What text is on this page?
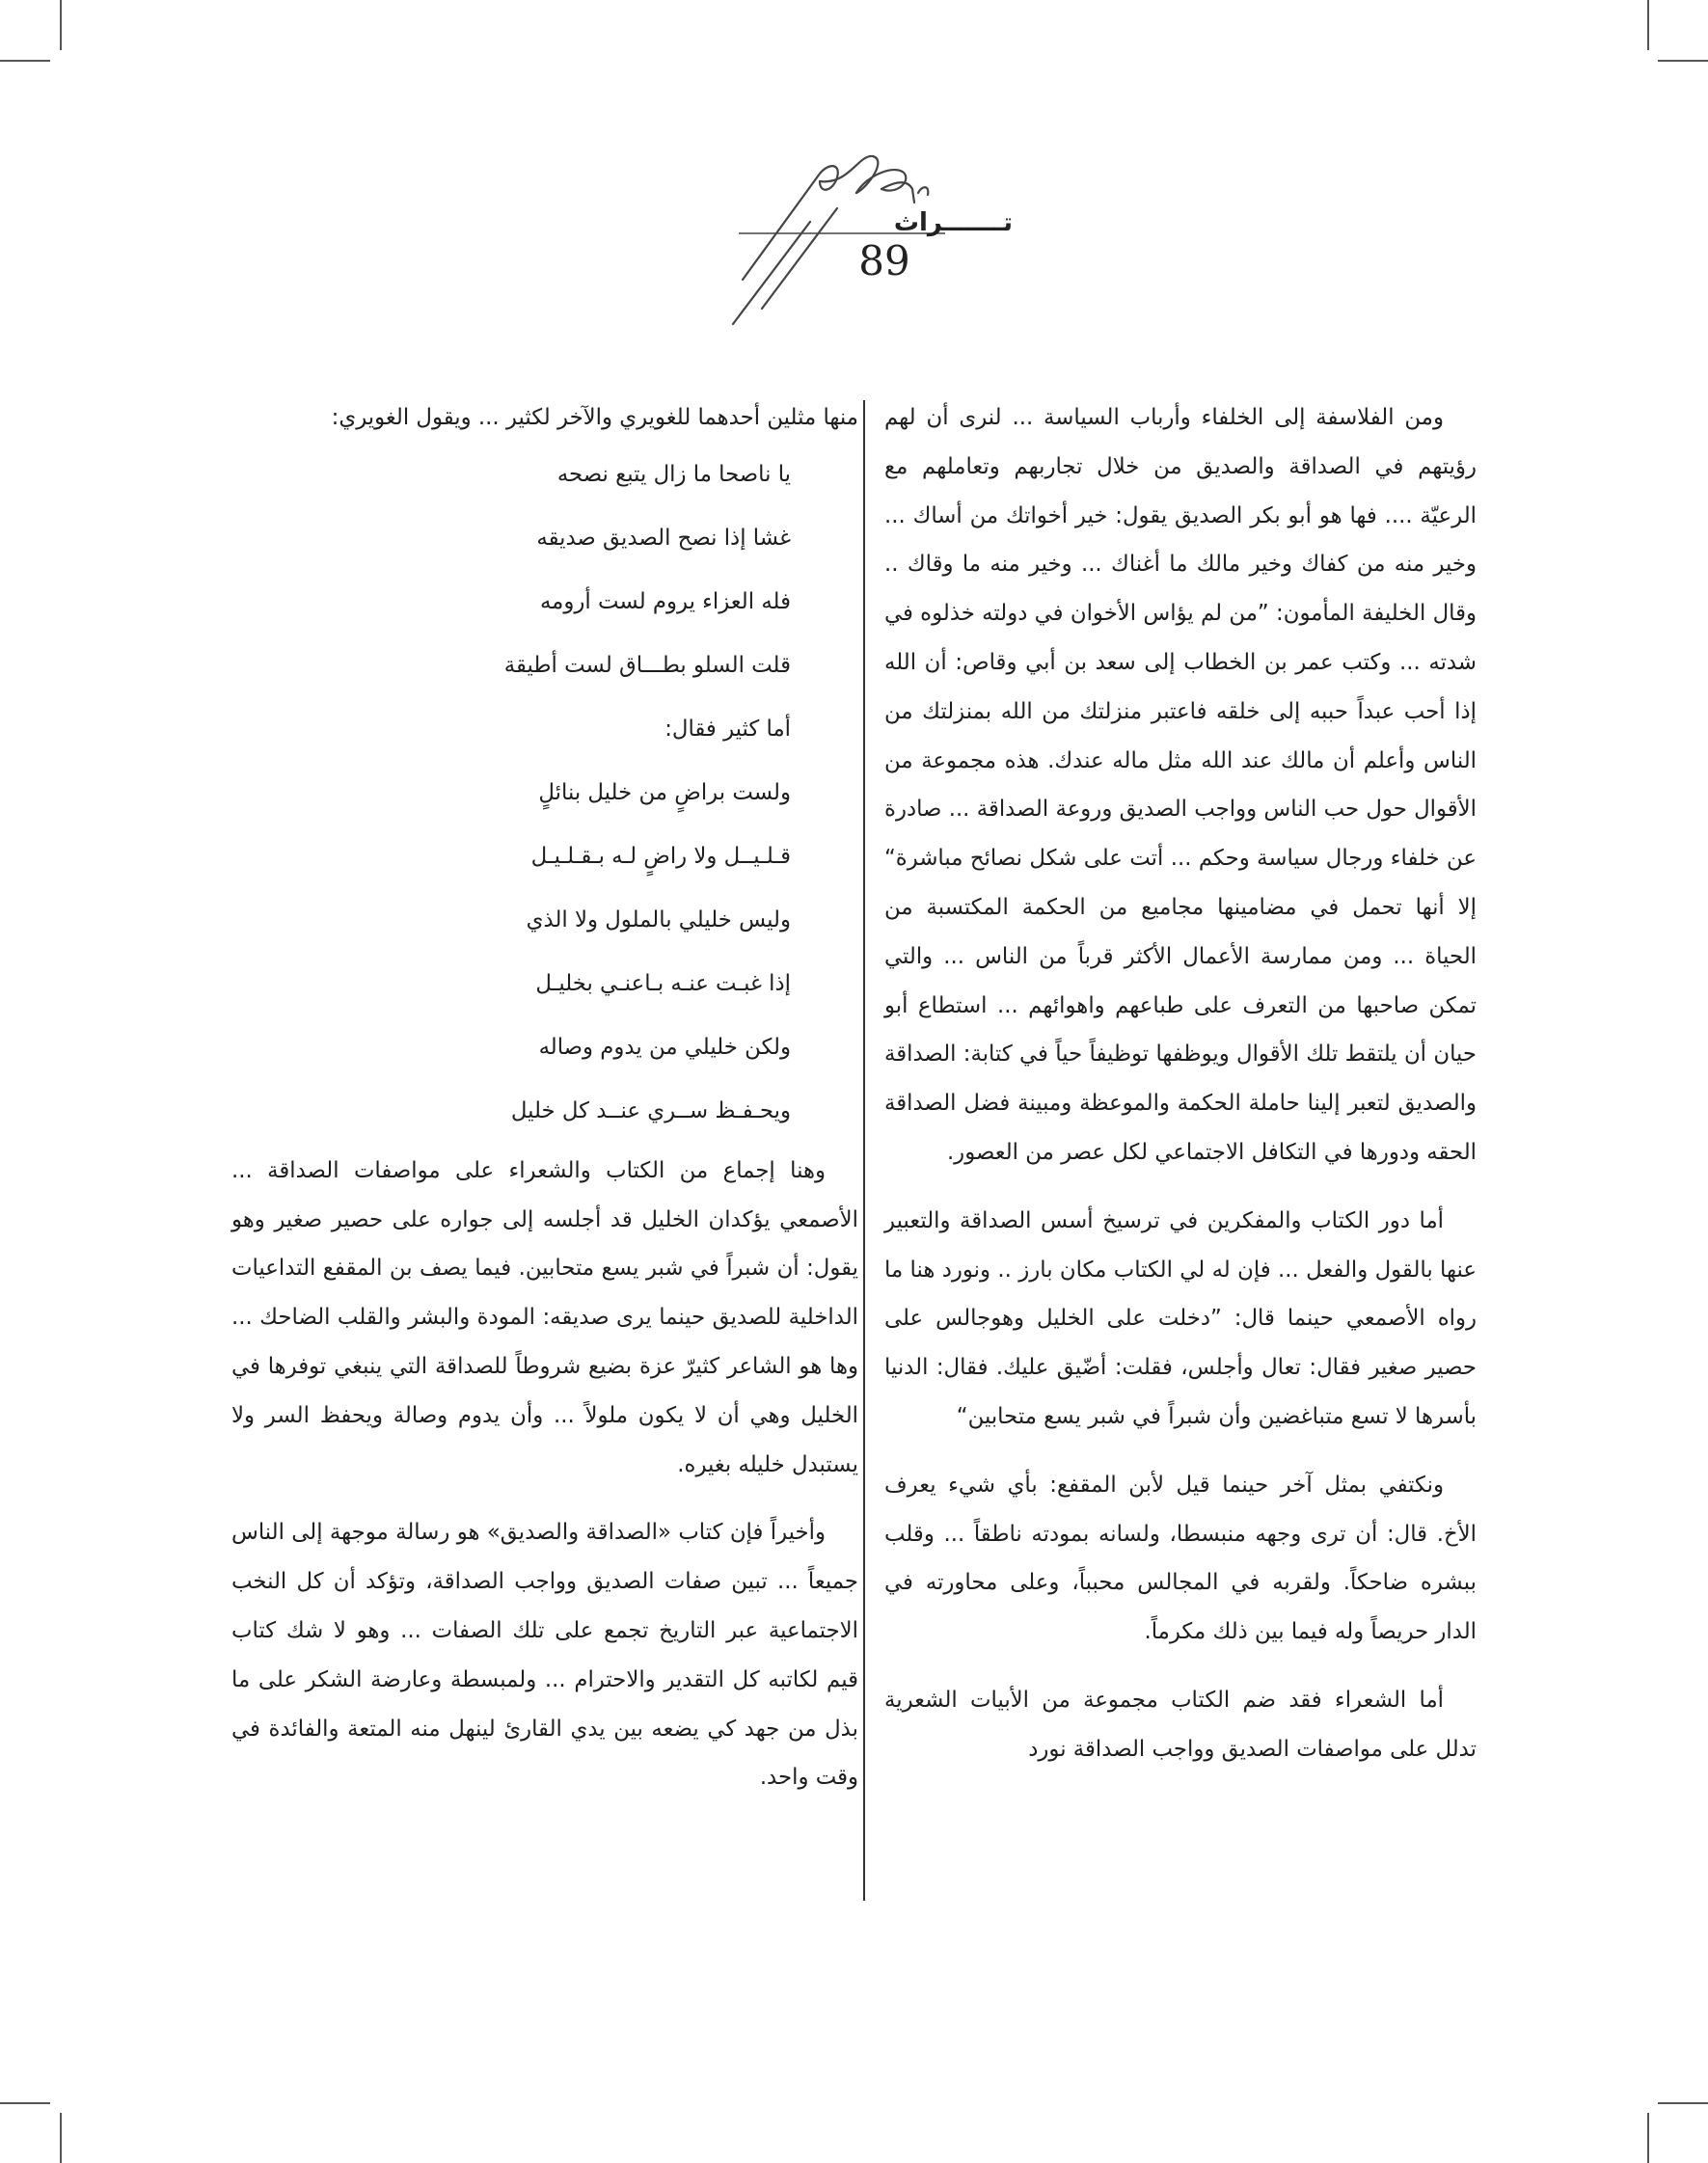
تـــــــراث
89

ومن الفلاسفة إلى الخلفاء وأرباب السياسة ... لنرى أن لهم رؤيتهم في الصداقة والصديق من خلال تجاربهم وتعاملهم مع الرعيّة .... فها هو أبو بكر الصديق يقول: خير أخواتك من أساك ... وخير منه من كفاك وخير مالك ما أغناك ... وخير منه ما وقاك .. وقال الخليفة المأمون: ”من لم يؤاس الأخوان في دولته خذلوه في شدته ... وكتب عمر بن الخطاب إلى سعد بن أبي وقاص: أن الله إذا أحب عبداً حببه إلى خلقه فاعتبر منزلتك من الله بمنزلتك من الناس وأعلم أن مالك عند الله مثل ماله عندك. هذه مجموعة من الأقوال حول حب الناس وواجب الصديق وروعة الصداقة ... صادرة عن خلفاء ورجال سياسة وحكم ... أتت على شكل نصائح مباشرة“ إلا أنها تحمل في مضامينها مجاميع من الحكمة المكتسبة من الحياة ... ومن ممارسة الأعمال الأكثر قرباً من الناس ... والتي تمكن صاحبها من التعرف على طباعهم واهوائهم ... استطاع أبو حيان أن يلتقط تلك الأقوال ويوظفها توظيفاً حياً في كتابة: الصداقة والصديق لتعبر إلينا حاملة الحكمة والموعظة ومبينة فضل الصداقة الحقه ودورها في التكافل الاجتماعي لكل عصر من العصور.

أما دور الكتاب والمفكرين في ترسيخ أسس الصداقة والتعبير عنها بالقول والفعل ... فإن له لي الكتاب مكان بارز .. ونورد هنا ما رواه الأصمعي حينما قال: ”دخلت على الخليل وهوجالس على حصير صغير فقال: تعال وأجلس، فقلت: أضّيق عليك. فقال: الدنيا بأسرها لا تسع متباغضين وأن شبراً في شبر يسع متحابين“

ونكتفي بمثل آخر حينما قيل لأبن المقفع: بأي شيء يعرف الأخ. قال: أن ترى وجهه منبسطا، ولسانه بمودته ناطقاً ... وقلب ببشره ضاحكاً. ولقربه في المجالس محبباً، وعلى محاورته في الدار حريصاً وله فيما بين ذلك مكرماً.

أما الشعراء فقد ضم الكتاب مجموعة من الأبيات الشعرية تدلل على مواصفات الصديق وواجب الصداقة نورد

منها مثلين أحدهما للغويري والآخر لكثير ... ويقول الغويري:

يا ناصحا ما زال يتبع نصحه

غشا إذا نصح الصديق صديقه

فله العزاء يروم لست أرومه

قلت السلو بطـــاق لست أطيقة

أما كثير فقال:

ولست براضٍ من خليل بنائلٍ

قـلـيــل ولا راضٍ لـه بـقـلـيـل

وليس خليلي بالملول ولا الذي

إذا غبـت عنـه بـاعنـي بخليـل

ولكن خليلي من يدوم وصاله

ويحـفـظ ســري عنــد كل خليل

وهنا إجماع من الكتاب والشعراء على مواصفات الصداقة ... الأصمعي يؤكدان الخليل قد أجلسه إلى جواره على حصير صغير وهو يقول: أن شبراً في شبر يسع متحابين. فيما يصف بن المقفع التداعيات الداخلية للصديق حينما يرى صديقه: المودة والبشر والقلب الضاحك ... وها هو الشاعر كثيرّ عزة بضيع شروطاً للصداقة التي ينبغي توفرها في الخليل وهي أن لا يكون ملولاً ... وأن يدوم وصالة ويحفظ السر ولا يستبدل خليله بغيره.

وأخيراً فإن كتاب «الصداقة والصديق» هو رسالة موجهة إلى الناس جميعاً ... تبين صفات الصديق وواجب الصداقة، وتؤكد أن كل النخب الاجتماعية عبر التاريخ تجمع على تلك الصفات ... وهو لا شك كتاب قيم لكاتبه كل التقدير والاحترام ... ولمبسطة وعارضة الشكر على ما بذل من جهد كي يضعه بين يدي القارئ لينهل منه المتعة والفائدة في وقت واحد.
